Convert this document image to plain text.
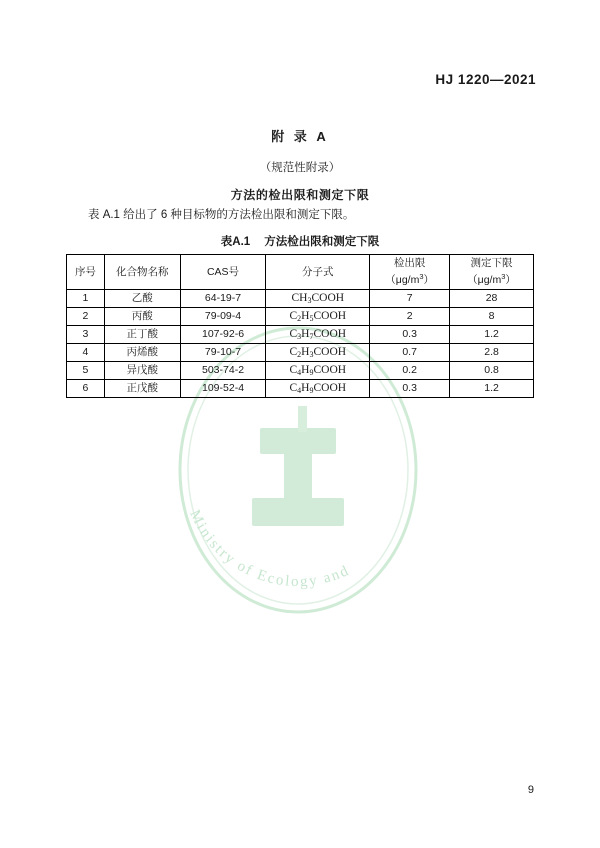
Ministry of Ecology and
HJ 1220—2021
附 录 A
（规范性附录）
方法的检出限和测定下限
表 A.1 给出了 6 种目标物的方法检出限和测定下限。
表A.1 方法检出限和测定下限
序号	化合物名称	CAS号	分子式	检出限$(\mu g/m^3)$	测定下限$(\mu g/m^3)$
1	乙酸	64-19-7	$CH_3COOH$	7	28
2	丙酸	79-09-4	$C_2H_5COOH$	2	8
3	正丁酸	107-92-6	$C_3H_7COOH$	0.3	1.2
4	丙烯酸	79-10-7	$C_2H_3COOH$	0.7	2.8
5	异戊酸	503-74-2	$C_4H_9COOH$	0.2	0.8
6	正戊酸	109-52-4	$C_4H_9COOH$	0.3	1.2
9
